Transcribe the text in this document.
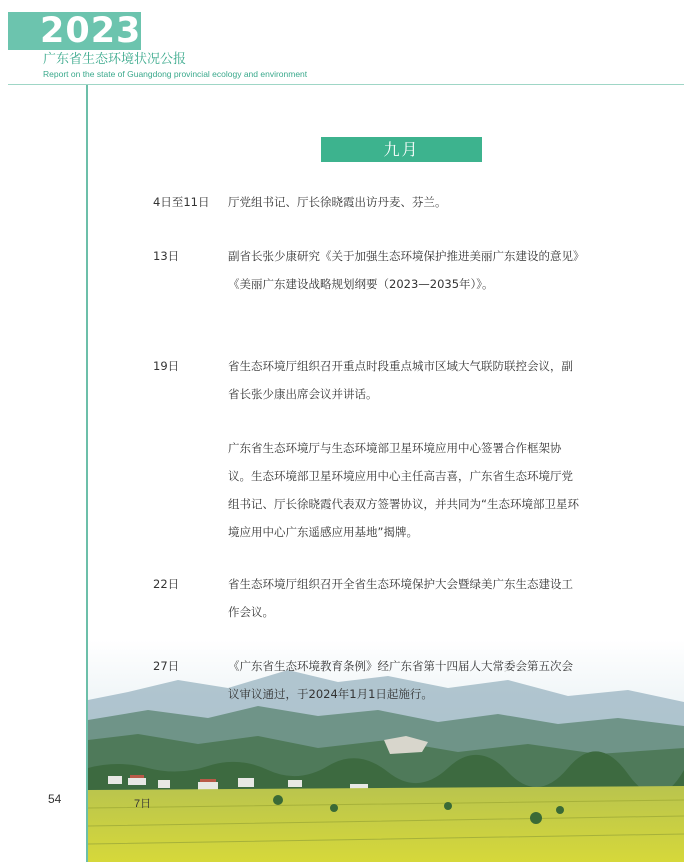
2023
广东省生态环境状况公报
Report on the state of Guangdong provincial ecology and environment
九月
4日至11日 厅党组书记、厅长徐晓霞出访丹麦、芬兰。
13日	副省长张少康研究《关于加强生态环境保护推进美丽广东建设的意见》《美丽广东建设战略规划纲要（2023—2035年）》。
19日	省生态环境厅组织召开重点时段重点城市区域大气联防联控会议，副省长张少康出席会议并讲话。
广东省生态环境厅与生态环境部卫星环境应用中心签署合作框架协议。生态环境部卫星环境应用中心主任高吉喜，广东省生态环境厅党组书记、厅长徐晓霞代表双方签署协议，并共同为“生态环境部卫星环境应用中心广东遥感应用基地”揭牌。
22日	省生态环境厅组织召开全省生态环境保护大会暨绿美广东生态建设工作会议。
27日	《广东省生态环境教育条例》经广东省第十四届人大常委会第五次会议审议通过，于2024年1月1日起施行。
54	7日
